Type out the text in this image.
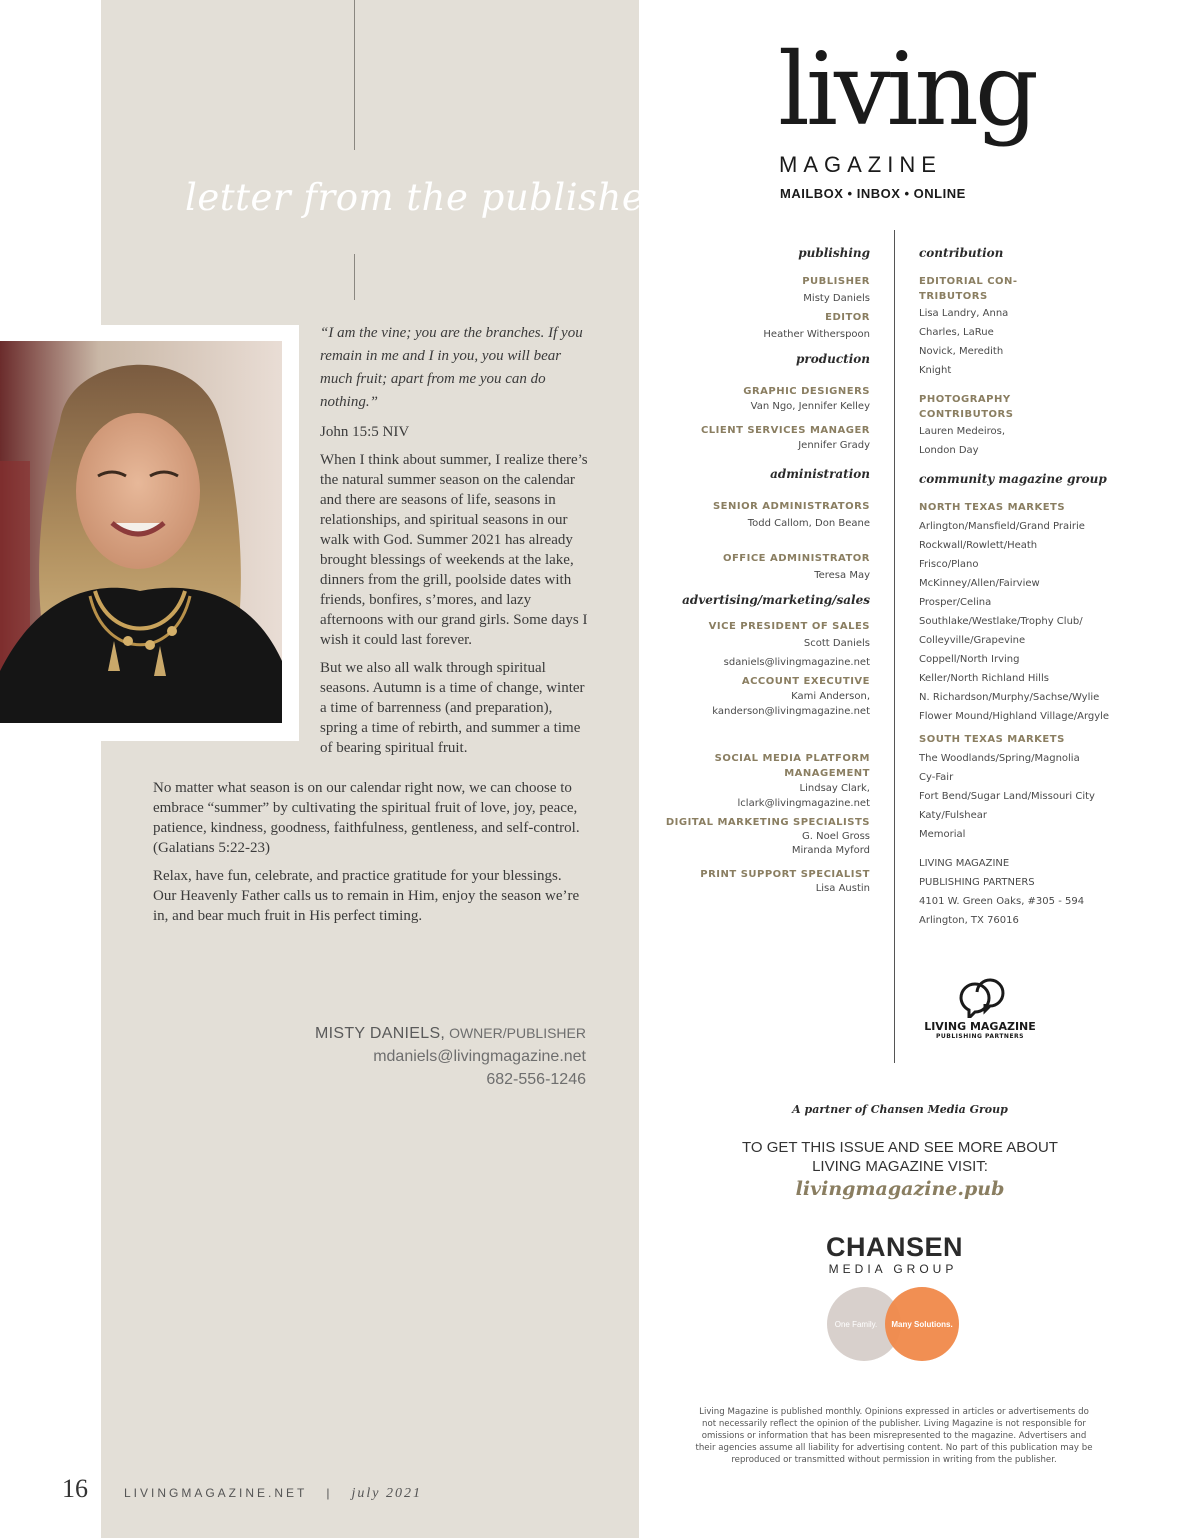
letter from the publisher

“I am the vine; you are the branches. If you remain in me and I in you, you will bear much fruit; apart from me you can do nothing.”

John 15:5 NIV

When I think about summer, I realize there’s the natural summer season on the calendar and there are seasons of life, seasons in relationships, and spiritual seasons in our walk with God. Summer 2021 has already brought blessings of weekends at the lake, dinners from the grill, poolside dates with friends, bonfires, s’mores, and lazy afternoons with our grand girls. Some days I wish it could last forever.

But we also all walk through spiritual seasons. Autumn is a time of change, winter a time of barrenness (and preparation), spring a time of rebirth, and summer a time of bearing spiritual fruit.

No matter what season is on our calendar right now, we can choose to embrace “summer” by cultivating the spiritual fruit of love, joy, peace, patience, kindness, goodness, faithfulness, gentleness, and self-control. (Galatians 5:22-23)

Relax, have fun, celebrate, and practice gratitude for your blessings. Our Heavenly Father calls us to remain in Him, enjoy the season we’re in, and bear much fruit in His perfect timing.

MISTY DANIELS, OWNER/PUBLISHER
mdaniels@livingmagazine.net
682-556-1246
16	LIVINGMAGAZINE.NET | july 2021
living
MAGAZINE
MAILBOX • INBOX • ONLINE
publishing
PUBLISHER
Misty Daniels
EDITOR
Heather Witherspoon
production
GRAPHIC DESIGNERS
Van Ngo, Jennifer Kelley
CLIENT SERVICES MANAGER
Jennifer Grady
administration
SENIOR ADMINISTRATORS
Todd Callom, Don Beane
OFFICE ADMINISTRATOR
Teresa May
advertising/marketing/sales
VICE PRESIDENT OF SALES
Scott Daniels
sdaniels@livingmagazine.net
ACCOUNT EXECUTIVE
Kami Anderson,
kanderson@livingmagazine.net
SOCIAL MEDIA PLATFORM
MANAGEMENT
Lindsay Clark,
lclark@livingmagazine.net
DIGITAL MARKETING SPECIALISTS
G. Noel Gross
Miranda Myford
PRINT SUPPORT SPECIALIST
Lisa Austin
contribution
EDITORIAL CON-
TRIBUTORS
Lisa Landry, Anna
Charles, LaRue
Novick, Meredith
Knight
PHOTOGRAPHY
CONTRIBUTORS
Lauren Medeiros,
London Day
community magazine group
NORTH TEXAS MARKETS
Arlington/Mansfield/Grand Prairie
Rockwall/Rowlett/Heath
Frisco/Plano
McKinney/Allen/Fairview
Prosper/Celina
Southlake/Westlake/Trophy Club/
Colleyville/Grapevine
Coppell/North Irving
Keller/North Richland Hills
N. Richardson/Murphy/Sachse/Wylie
Flower Mound/Highland Village/Argyle
SOUTH TEXAS MARKETS
The Woodlands/Spring/Magnolia
Cy-Fair
Fort Bend/Sugar Land/Missouri City
Katy/Fulshear
Memorial
LIVING MAGAZINE
PUBLISHING PARTNERS
4101 W. Green Oaks, #305 - 594
Arlington, TX 76016
LIVING MAGAZINE
PUBLISHING PARTNERS
A partner of Chansen Media Group
TO GET THIS ISSUE AND SEE MORE ABOUT
LIVING MAGAZINE VISIT:
livingmagazine.pub
CHANSEN
MEDIA GROUP
One Family. Many Solutions.
Living Magazine is published monthly. Opinions expressed in articles or advertisements do not necessarily reflect the opinion of the publisher. Living Magazine is not responsible for omissions or information that has been misrepresented to the magazine. Advertisers and their agencies assume all liability for advertising content. No part of this publication may be reproduced or transmitted without permission in writing from the publisher.
